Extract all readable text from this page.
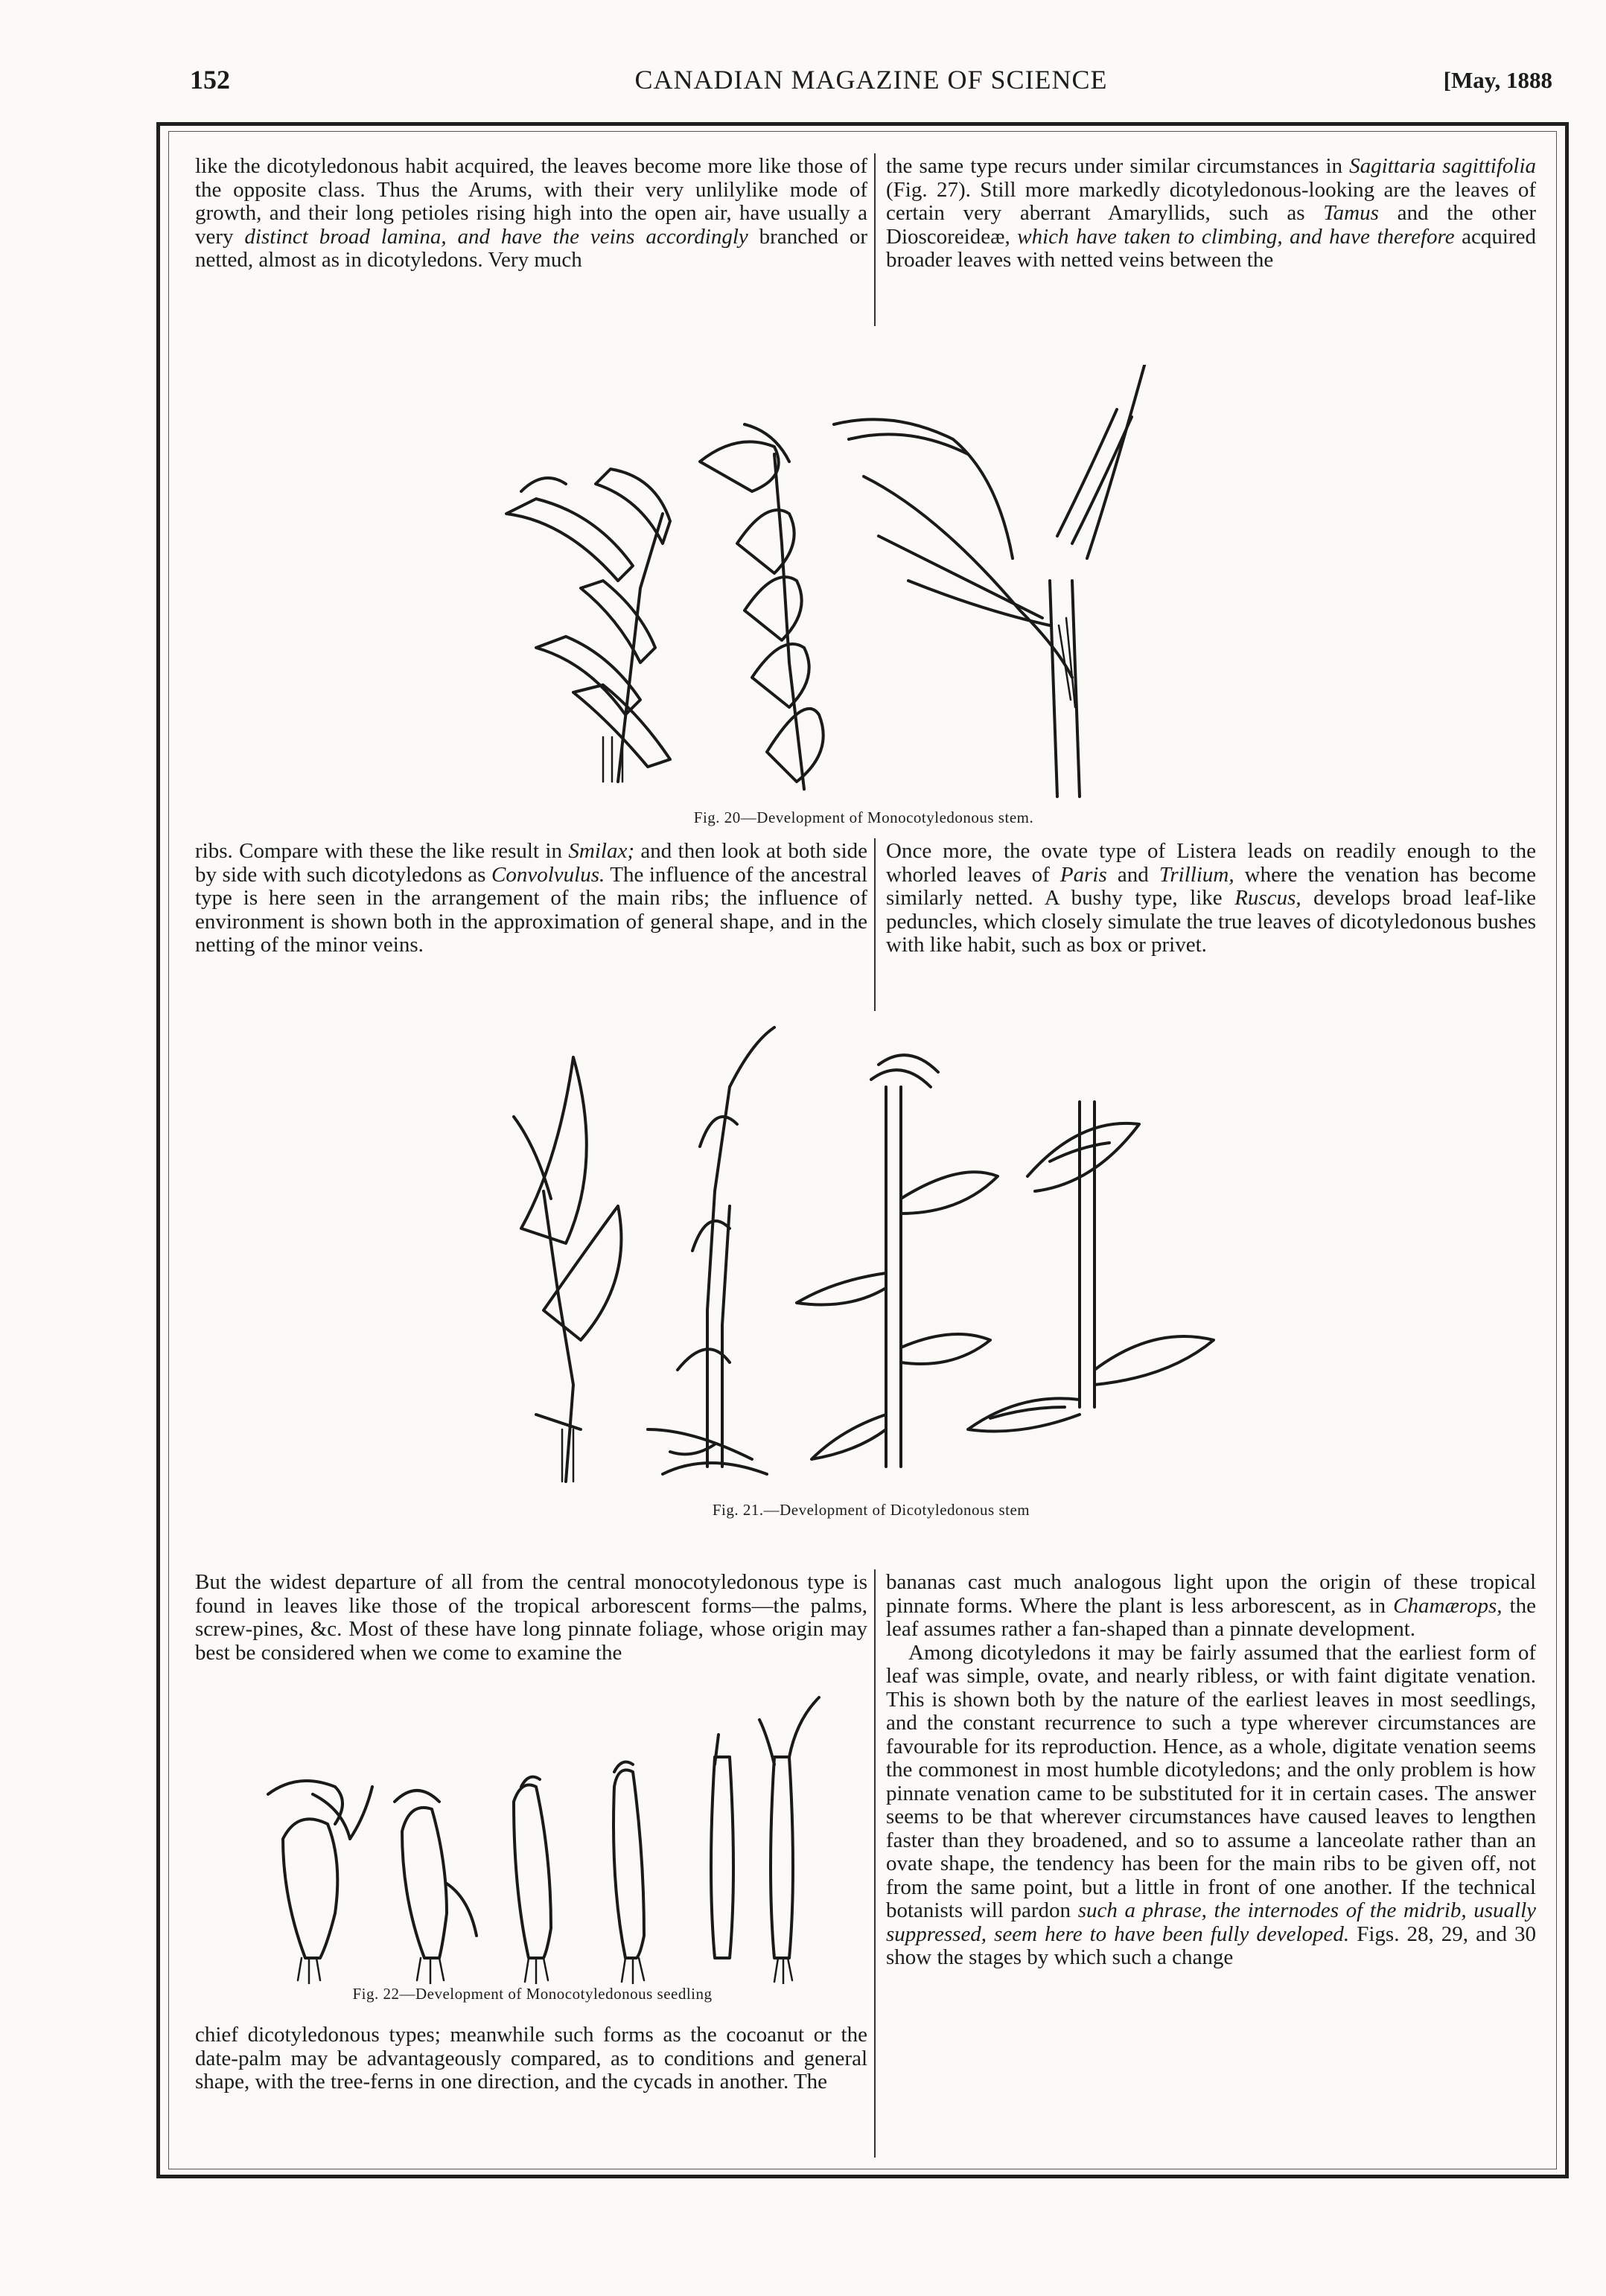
152	CANADIAN MAGAZINE OF SCIENCE	[May, 1888

like the dicotyledonous habit acquired, the leaves become more like those of the opposite class. Thus the Arums, with their very unlilylike mode of growth, and their long petioles rising high into the open air, have usually a very distinct broad lamina, and have the veins accordingly branched or netted, almost as in dicotyledons. Very much

the same type recurs under similar circumstances in Sagittaria sagittifolia (Fig. 27). Still more markedly dicotyledonous-looking are the leaves of certain very aberrant Amaryllids, such as Tamus and the other Dioscoreideæ, which have taken to climbing, and have therefore acquired broader leaves with netted veins between the

Fig. 20—Development of Monocotyledonous stem.

ribs. Compare with these the like result in Smilax; and then look at both side by side with such dicotyledons as Convolvulus. The influence of the ancestral type is here seen in the arrangement of the main ribs; the influence of environment is shown both in the approximation of general shape, and in the netting of the minor veins.

Once more, the ovate type of Listera leads on readily enough to the whorled leaves of Paris and Trillium, where the venation has become similarly netted. A bushy type, like Ruscus, develops broad leaf-like peduncles, which closely simulate the true leaves of dicotyledonous bushes with like habit, such as box or privet.

Fig. 21.—Development of Dicotyledonous stem

But the widest departure of all from the central monocotyledonous type is found in leaves like those of the tropical arborescent forms—the palms, screw-pines, &c. Most of these have long pinnate foliage, whose origin may best be considered when we come to examine the

Fig. 22—Development of Monocotyledonous seedling

chief dicotyledonous types; meanwhile such forms as the cocoanut or the date-palm may be advantageously compared, as to conditions and general shape, with the tree-ferns in one direction, and the cycads in another. The

bananas cast much analogous light upon the origin of these tropical pinnate forms. Where the plant is less arborescent, as in Chamærops, the leaf assumes rather a fan-shaped than a pinnate development.

Among dicotyledons it may be fairly assumed that the earliest form of leaf was simple, ovate, and nearly ribless, or with faint digitate venation. This is shown both by the nature of the earliest leaves in most seedlings, and the constant recurrence to such a type wherever circumstances are favourable for its reproduction. Hence, as a whole, digitate venation seems the commonest in most humble dicotyledons; and the only problem is how pinnate venation came to be substituted for it in certain cases. The answer seems to be that wherever circumstances have caused leaves to lengthen faster than they broadened, and so to assume a lanceolate rather than an ovate shape, the tendency has been for the main ribs to be given off, not from the same point, but a little in front of one another. If the technical botanists will pardon such a phrase, the internodes of the midrib, usually suppressed, seem here to have been fully developed. Figs. 28, 29, and 30 show the stages by which such a change
